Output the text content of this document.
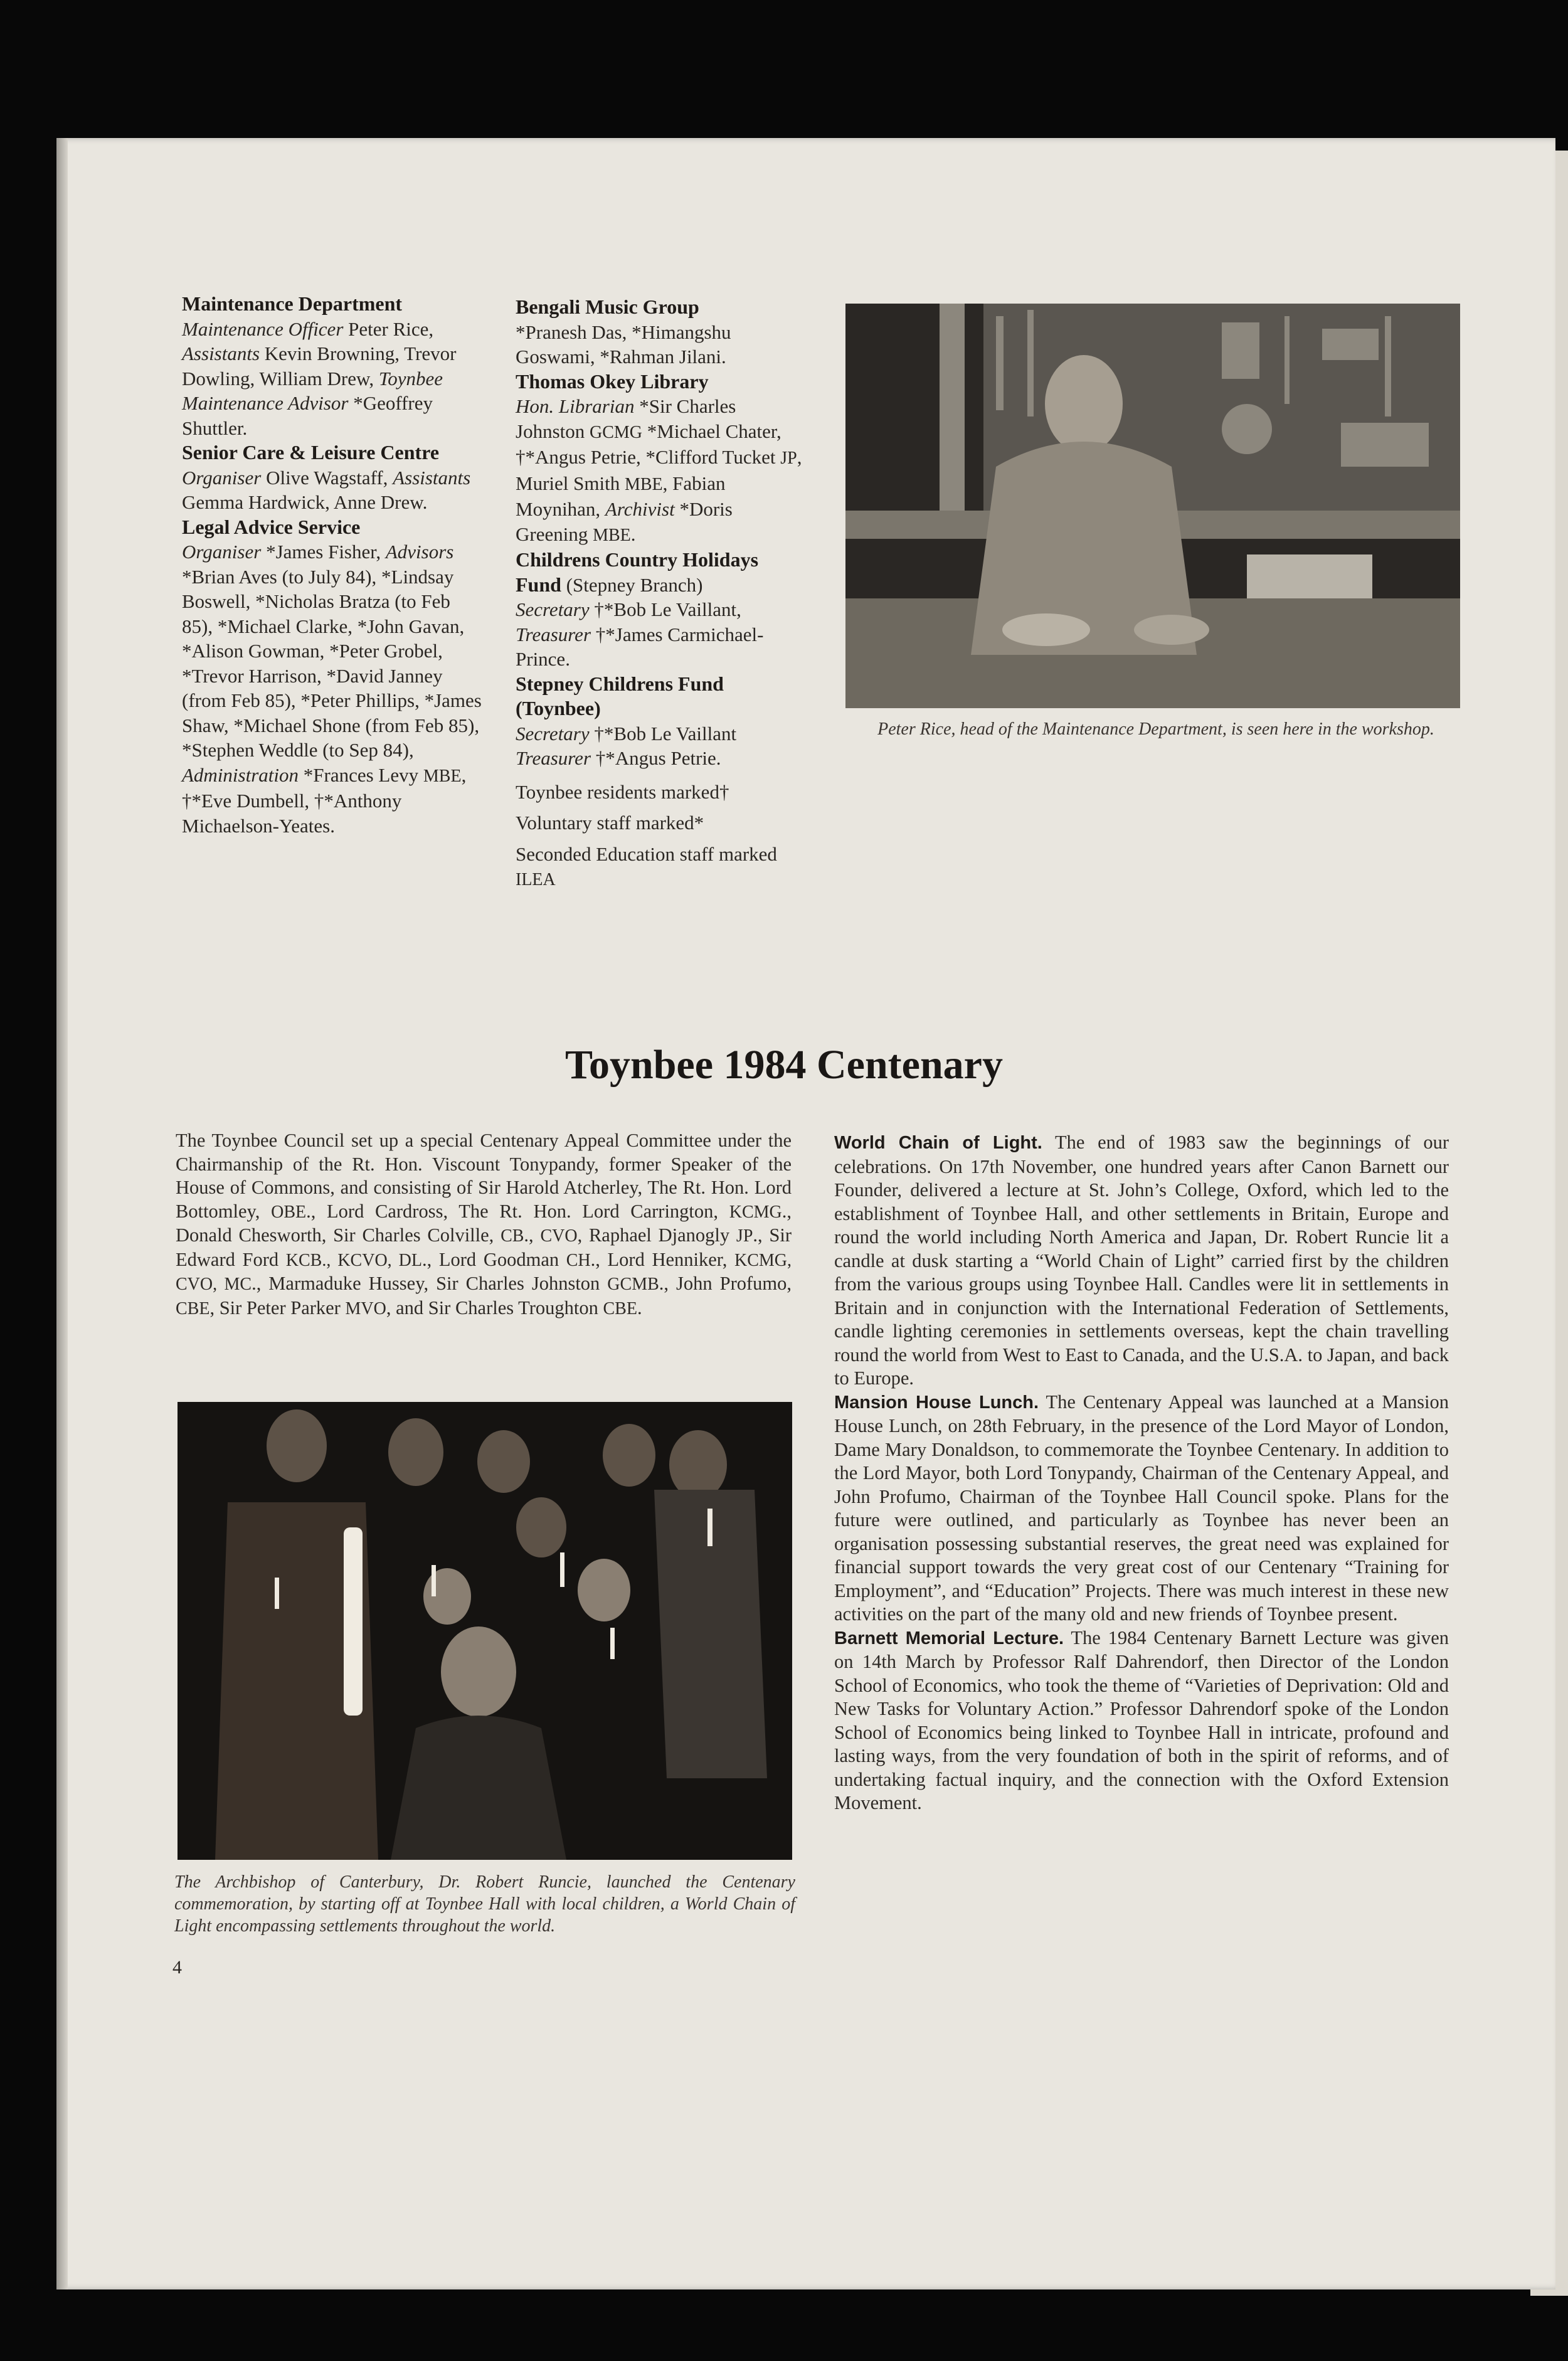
Maintenance Department

Maintenance Officer Peter Rice, Assistants Kevin Browning, Trevor Dowling, William Drew, Toynbee Maintenance Advisor *Geoffrey Shuttler.

Senior Care & Leisure Centre

Organiser Olive Wagstaff, Assistants Gemma Hardwick, Anne Drew.

Legal Advice Service

Organiser *James Fisher, Advisors *Brian Aves (to July 84), *Lindsay Boswell, *Nicholas Bratza (to Feb 85), *Michael Clarke, *John Gavan, *Alison Gowman, *Peter Grobel, *Trevor Harrison, *David Janney (from Feb 85), *Peter Phillips, *James Shaw, *Michael Shone (from Feb 85), *Stephen Weddle (to Sep 84), Administration *Frances Levy MBE, †*Eve Dumbell, †*Anthony Michaelson-Yeates.

Bengali Music Group

*Pranesh Das, *Himangshu Goswami, *Rahman Jilani.

Thomas Okey Library

Hon. Librarian *Sir Charles Johnston GCMG *Michael Chater, †*Angus Petrie, *Clifford Tucket JP, Muriel Smith MBE, Fabian Moynihan, Archivist *Doris Greening MBE.

Childrens Country Holidays Fund (Stepney Branch)

Secretary †*Bob Le Vaillant, Treasurer †*James Carmichael-Prince.

Stepney Childrens Fund (Toynbee)

Secretary †*Bob Le Vaillant
Treasurer †*Angus Petrie.

Toynbee residents marked†

Voluntary staff marked*

Seconded Education staff marked ILEA

Peter Rice, head of the Maintenance Department, is seen here in the workshop.
Toynbee 1984 Centenary

The Toynbee Council set up a special Centenary Appeal Committee under the Chairmanship of the Rt. Hon. Viscount Tonypandy, former Speaker of the House of Commons, and consisting of Sir Harold Atcherley, The Rt. Hon. Lord Bottomley, OBE., Lord Cardross, The Rt. Hon. Lord Carrington, KCMG., Donald Chesworth, Sir Charles Colville, CB., CVO, Raphael Djanogly JP., Sir Edward Ford KCB., KCVO, DL., Lord Goodman CH., Lord Henniker, KCMG, CVO, MC., Marmaduke Hussey, Sir Charles Johnston GCMB., John Profumo, CBE, Sir Peter Parker MVO, and Sir Charles Troughton CBE.

The Archbishop of Canterbury, Dr. Robert Runcie, launched the Centenary commemoration, by starting off at Toynbee Hall with local children, a World Chain of Light encompassing settlements throughout the world.

World Chain of Light. The end of 1983 saw the beginnings of our celebrations. On 17th November, one hundred years after Canon Barnett our Founder, delivered a lecture at St. John’s College, Oxford, which led to the establishment of Toynbee Hall, and other settlements in Britain, Europe and round the world including North America and Japan, Dr. Robert Runcie lit a candle at dusk starting a “World Chain of Light” carried first by the children from the various groups using Toynbee Hall. Candles were lit in settlements in Britain and in conjunction with the International Federation of Settlements, candle lighting ceremonies in settlements overseas, kept the chain travelling round the world from West to East to Canada, and the U.S.A. to Japan, and back to Europe.

Mansion House Lunch. The Centenary Appeal was launched at a Mansion House Lunch, on 28th February, in the presence of the Lord Mayor of London, Dame Mary Donaldson, to commemorate the Toynbee Centenary. In addition to the Lord Mayor, both Lord Tonypandy, Chairman of the Centenary Appeal, and John Profumo, Chairman of the Toynbee Hall Council spoke. Plans for the future were outlined, and particularly as Toynbee has never been an organisation possessing substantial reserves, the great need was explained for financial support towards the very great cost of our Centenary “Training for Employment”, and “Education” Projects. There was much interest in these new activities on the part of the many old and new friends of Toynbee present.

Barnett Memorial Lecture. The 1984 Centenary Barnett Lecture was given on 14th March by Professor Ralf Dahrendorf, then Director of the London School of Economics, who took the theme of “Varieties of Deprivation: Old and New Tasks for Voluntary Action.” Professor Dahrendorf spoke of the London School of Economics being linked to Toynbee Hall in intricate, profound and lasting ways, from the very foundation of both in the spirit of reforms, and of undertaking factual inquiry, and the connection with the Oxford Extension Movement.

4
